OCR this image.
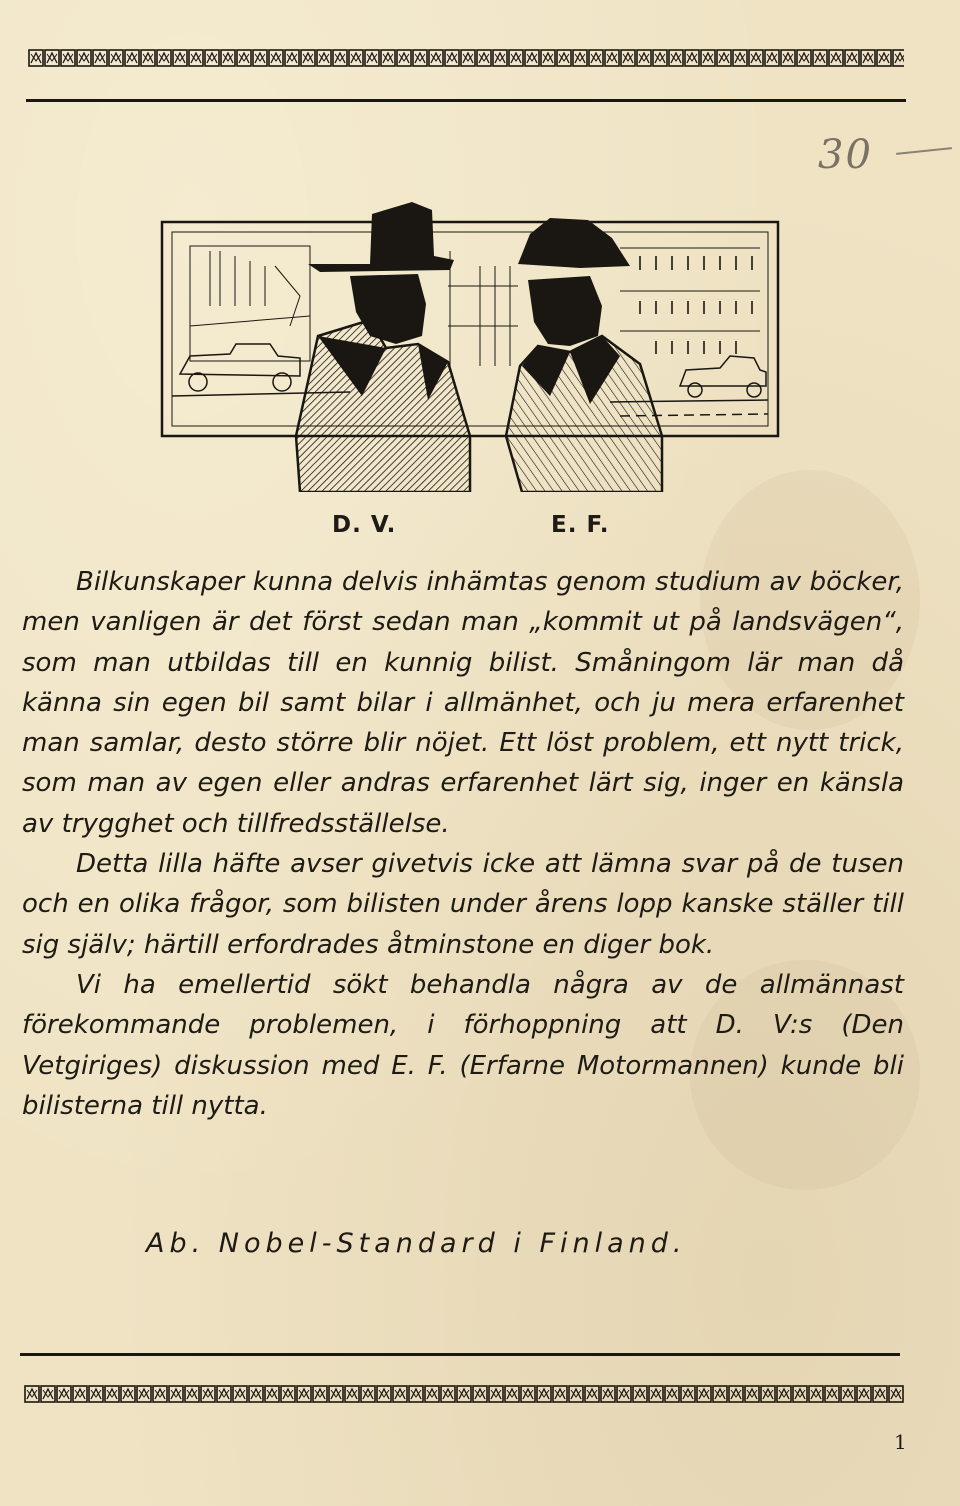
30
D. V.	E. F.

Bilkunskaper kunna delvis inhämtas genom studium av böcker, men vanligen är det först sedan man „kommit ut på landsvägen“, som man utbildas till en kunnig bilist. Småningom lär man då känna sin egen bil samt bilar i allmänhet, och ju mera erfarenhet man samlar, desto större blir nöjet. Ett löst problem, ett nytt trick, som man av egen eller andras erfarenhet lärt sig, inger en känsla av trygghet och tillfredsställelse.

Detta lilla häfte avser givetvis icke att lämna svar på de tusen och en olika frågor, som bilisten under årens lopp kanske ställer till sig själv; härtill erfordrades åtminstone en diger bok.

Vi ha emellertid sökt behandla några av de allmännast förekommande problemen, i förhoppning att D. V:s (Den Vetgiriges) diskussion med E. F. (Erfarne Motormannen) kunde bli bilisterna till nytta.

Ab. Nobel-Standard i Finland.
1
